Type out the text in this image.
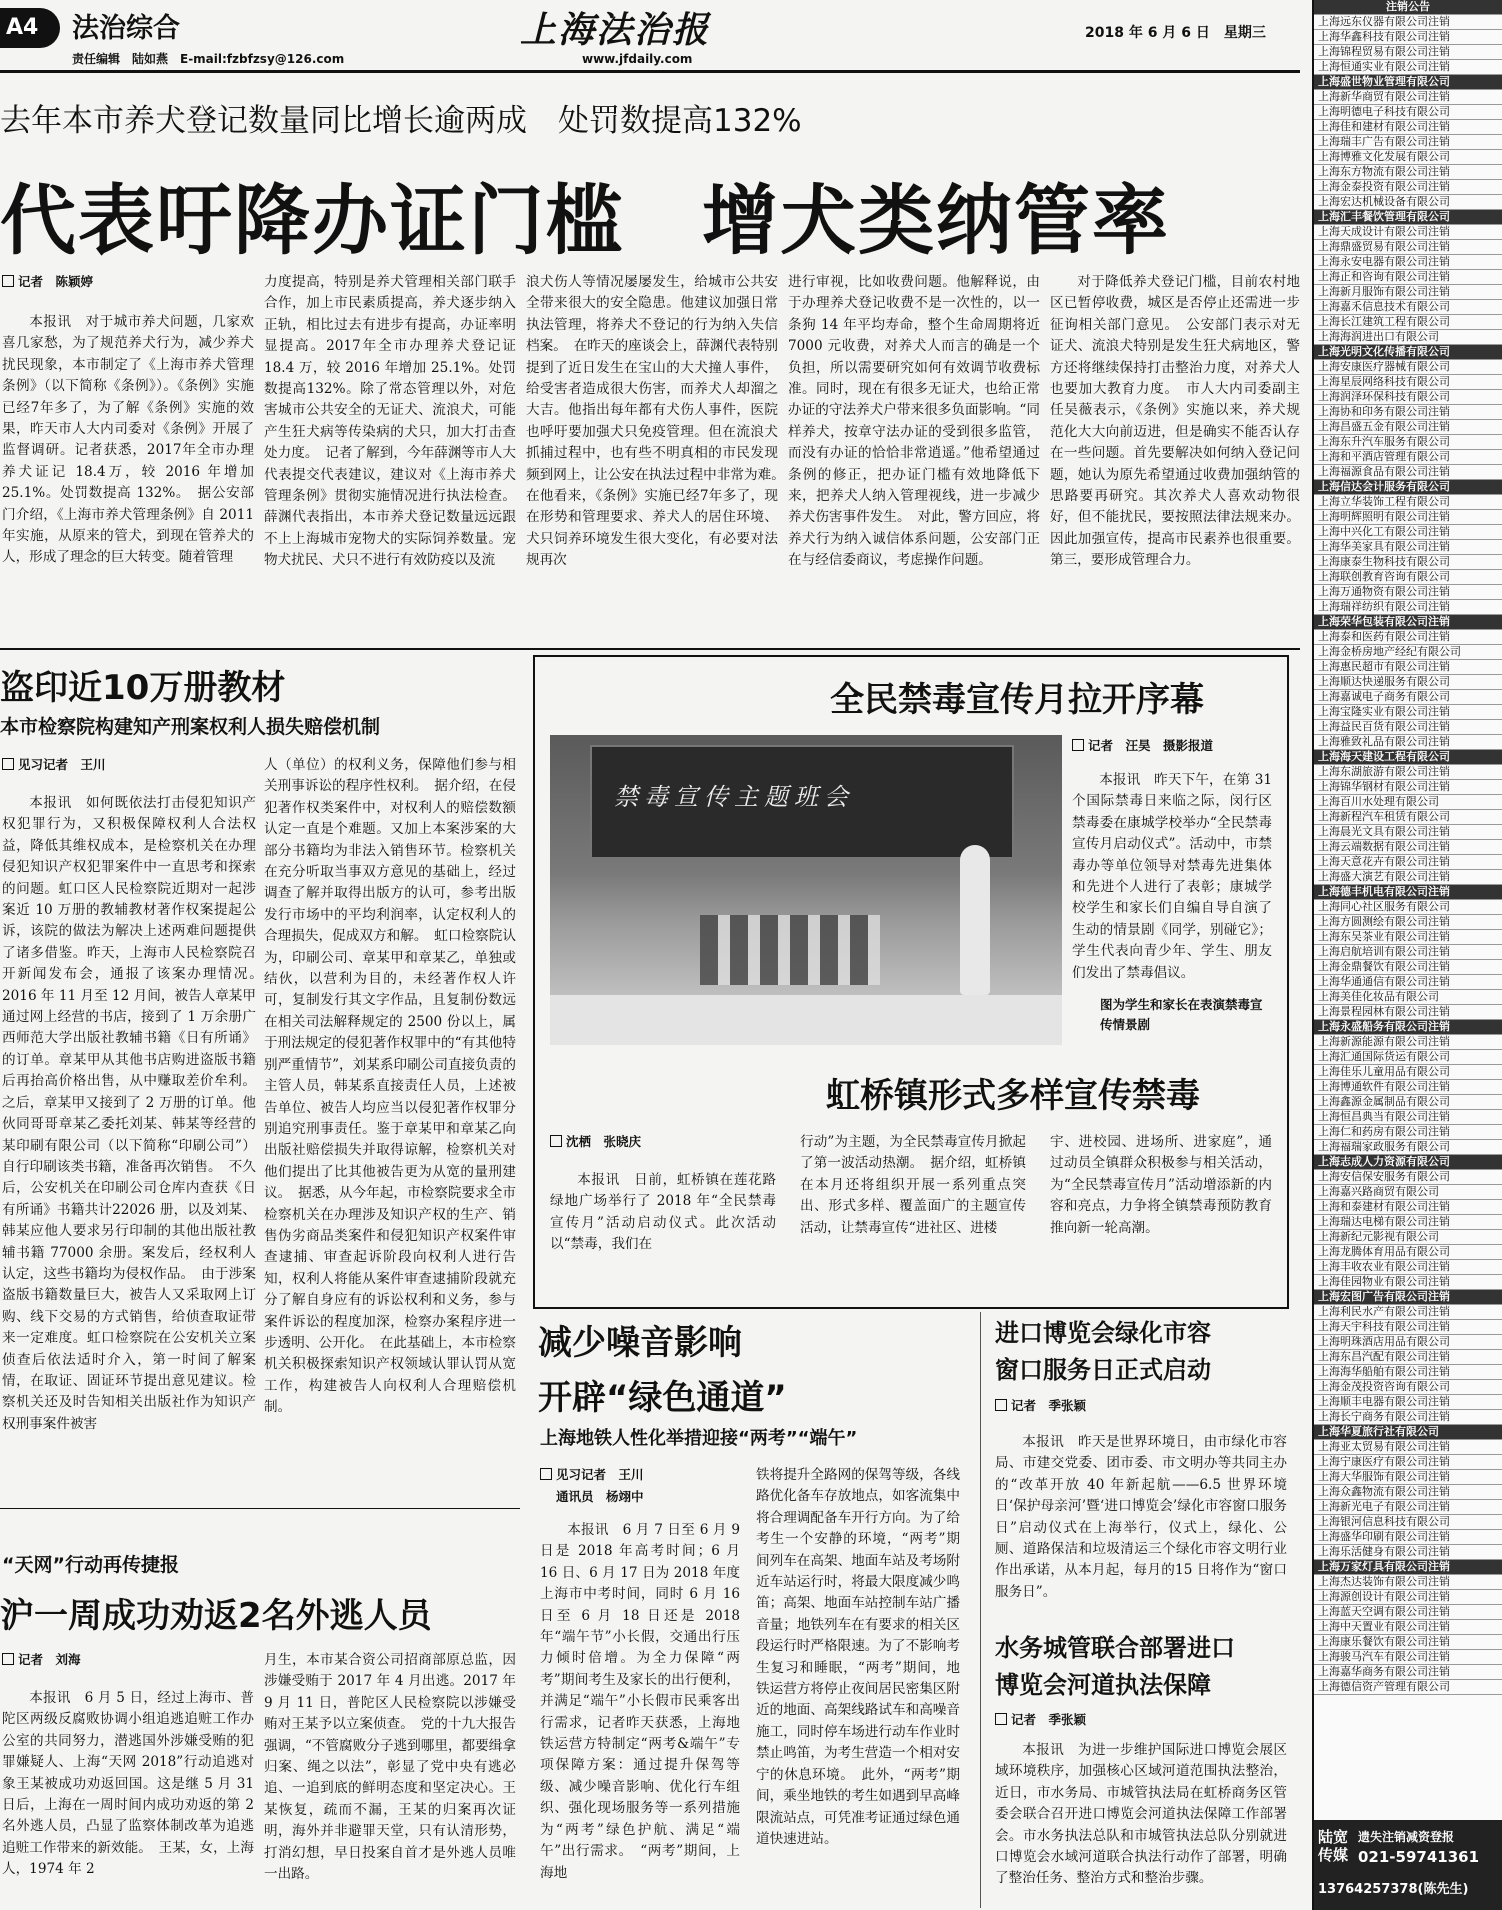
A4	法治综合
责任编辑　陆如燕　E-mail:fzbfzsy@126.com
上海法治报
www.jfdaily.com
2018 年 6 月 6 日　星期三
去年本市养犬登记数量同比增长逾两成　处罚数提高132%
代表吁降办证门槛　增犬类纳管率
记者　陈颖婷

本报讯　对于城市养犬问题，几家欢喜几家愁，为了规范养犬行为，减少养犬扰民现象，本市制定了《上海市养犬管理条例》（以下简称《条例》）。《条例》实施已经7年多了，为了解《条例》实施的效果，昨天市人大内司委对《条例》开展了监督调研。记者获悉，2017年全市办理养犬证记 18.4万，较 2016 年增加 25.1%。处罚数提高 132%。　据公安部门介绍，《上海市养犬管理条例》自 2011 年实施，从原来的管犬，到现在管养犬的人，形成了理念的巨大转变。随着管理

力度提高，特别是养犬管理相关部门联手合作，加上市民素质提高，养犬逐步纳入正轨，相比过去有进步有提高，办证率明显提高。2017年全市办理养犬登记证 18.4 万，较 2016 年增加 25.1%。处罚数提高132%。除了常态管理以外，对危害城市公共安全的无证犬、流浪犬，可能产生狂犬病等传染病的犬只，加大打击查处力度。　记者了解到，今年薛渊等市人大代表提交代表建议，建议对《上海市养犬管理条例》贯彻实施情况进行执法检查。薛渊代表指出，本市养犬登记数量远远跟不上上海城市宠物犬的实际饲养数量。宠物犬扰民、犬只不进行有效防疫以及流

浪犬伤人等情况屡屡发生，给城市公共安全带来很大的安全隐患。他建议加强日常执法管理，将养犬不登记的行为纳入失信档案。　在昨天的座谈会上，薛渊代表特别提到了近日发生在宝山的大犬撞人事件，给受害者造成很大伤害，而养犬人却溜之大吉。他指出每年都有犬伤人事件，医院也呼吁要加强犬只免疫管理。但在流浪犬抓捕过程中，也有些不明真相的市民发现频到网上，让公安在执法过程中非常为难。　在他看来，《条例》实施已经7年多了，现在形势和管理要求、养犬人的居住环境、犬只饲养环境发生很大变化，有必要对法规再次

进行审视，比如收费问题。他解释说，由于办理养犬登记收费不是一次性的，以一条狗 14 年平均寿命，整个生命周期将近 7000 元收费，对养犬人而言的确是一个负担，所以需要研究如何有效调节收费标准。同时，现在有很多无证犬，也给正常办证的守法养犬户带来很多负面影响。“同样养犬，按章守法办证的受到很多监管，而没有办证的恰恰非常逍遥。”他希望通过条例的修正，把办证门槛有效地降低下来，把养犬人纳入管理视线，进一步减少养犬伤害事件发生。　对此，警方回应，将养犬行为纳入诚信体系问题，公安部门正在与经信委商议，考虑操作问题。

对于降低养犬登记门槛，目前农村地区已暂停收费，城区是否停止还需进一步征询相关部门意见。　公安部门表示对无证犬、流浪犬特别是发生狂犬病地区，警方还将继续保持打击整治力度，对养犬人也要加大教育力度。　市人大内司委副主任吴薇表示，《条例》实施以来，养犬规范化大大向前迈进，但是确实不能否认存在一些问题。首先要解决如何纳入登记问题，她认为原先希望通过收费加强纳管的思路要再研究。其次养犬人喜欢动物很好，但不能扰民，要按照法律法规来办。因此加强宣传，提高市民素养也很重要。第三，要形成管理合力。

盗印近10万册教材
本市检察院构建知产刑案权利人损失赔偿机制
见习记者　王川

本报讯　如何既依法打击侵犯知识产权犯罪行为，又积极保障权利人合法权益，降低其维权成本，是检察机关在办理侵犯知识产权犯罪案件中一直思考和探索的问题。虹口区人民检察院近期对一起涉案近 10 万册的教辅教材著作权案提起公诉，该院的做法为解决上述两难问题提供了诸多借鉴。昨天，上海市人民检察院召开新闻发布会，通报了该案办理情况。　2016 年 11 月至 12 月间，被告人章某甲通过网上经营的书店，接到了 1 万余册广西师范大学出版社教辅书籍《日有所诵》的订单。章某甲从其他书店购进盗版书籍后再抬高价格出售，从中赚取差价牟利。之后，章某甲又接到了 2 万册的订单。他伙同哥哥章某乙委托刘某、韩某等经营的某印刷有限公司（以下简称“印刷公司”）自行印刷该类书籍，准备再次销售。　不久后，公安机关在印刷公司仓库内查获《日有所诵》书籍共计22026 册，以及刘某、韩某应他人要求另行印制的其他出版社教辅书籍 77000 余册。案发后，经权利人认定，这些书籍均为侵权作品。　由于涉案盗版书籍数量巨大，被告人又采取网上订购、线下交易的方式销售，给侦查取证带来一定难度。虹口检察院在公安机关立案侦查后依法适时介入，第一时间了解案情，在取证、固证环节提出意见建议。检察机关还及时告知相关出版社作为知识产权刑事案件被害

人（单位）的权利义务，保障他们参与相关刑事诉讼的程序性权利。　据介绍，在侵犯著作权类案件中，对权利人的赔偿数额认定一直是个难题。又加上本案涉案的大部分书籍均为非法入销售环节。检察机关在充分听取当事双方意见的基础上，经过调查了解并取得出版方的认可，参考出版发行市场中的平均利润率，认定权利人的合理损失，促成双方和解。　虹口检察院认为，印刷公司、章某甲和章某乙，单独或结伙，以营利为目的，未经著作权人许可，复制发行其文字作品，且复制份数远在相关司法解释规定的 2500 份以上，属于刑法规定的侵犯著作权罪中的“有其他特别严重情节”，刘某系印刷公司直接负责的主管人员，韩某系直接责任人员，上述被告单位、被告人均应当以侵犯著作权罪分别追究刑事责任。鉴于章某甲和章某乙向出版社赔偿损失并取得谅解，检察机关对他们提出了比其他被告更为从宽的量刑建议。　据悉，从今年起，市检察院要求全市检察机关在办理涉及知识产权的生产、销售伪劣商品类案件和侵犯知识产权案件审查逮捕、审查起诉阶段向权利人进行告知，权利人将能从案件审查逮捕阶段就充分了解自身应有的诉讼权利和义务，参与案件诉讼的程度加深，检察办案程序进一步透明、公开化。　在此基础上，本市检察机关积极探索知识产权领域认罪认罚从宽工作，构建被告人向权利人合理赔偿机制。

“天网”行动再传捷报
沪一周成功劝返2名外逃人员
记者　刘海

本报讯　6 月 5 日，经过上海市、普陀区两级反腐败协调小组追逃追赃工作办公室的共同努力，潜逃国外涉嫌受贿的犯罪嫌疑人、上海“天网 2018”行动追逃对象王某被成功劝返回国。这是继 5 月 31 日后，上海在一周时间内成功劝返的第 2 名外逃人员，凸显了监察体制改革为追逃追赃工作带来的新效能。　王某，女，上海人，1974 年 2

月生，本市某合资公司招商部原总监，因涉嫌受贿于 2017 年 4 月出逃。2017 年 9 月 11 日，普陀区人民检察院以涉嫌受贿对王某予以立案侦查。　党的十九大报告强调，“不管腐败分子逃到哪里，都要缉拿归案、绳之以法”，彰显了党中央有逃必追、一追到底的鲜明态度和坚定决心。王某恢复，疏而不漏，王某的归案再次证明，海外并非避罪天堂，只有认清形势，打消幻想，早日投案自首才是外逃人员唯一出路。

全民禁毒宣传月拉开序幕
禁毒宣传主题班会
记者　汪昊　摄影报道

本报讯　昨天下午，在第 31 个国际禁毒日来临之际，闵行区禁毒委在康城学校举办“全民禁毒宣传月启动仪式”。活动中，市禁毒办等单位领导对禁毒先进集体和先进个人进行了表彰；康城学校学生和家长们自编自导自演了生动的情景剧《同学，别碰它》；学生代表向青少年、学生、朋友们发出了禁毒倡议。

图为学生和家长在表演禁毒宣传情景剧
虹桥镇形式多样宣传禁毒
沈栖　张晓庆

本报讯　日前，虹桥镇在莲花路绿地广场举行了 2018 年“全民禁毒宣传月”活动启动仪式。此次活动以“禁毒，我们在

行动”为主题，为全民禁毒宣传月掀起了第一波活动热潮。　据介绍，虹桥镇在本月还将组织开展一系列重点突出、形式多样、覆盖面广的主题宣传活动，让禁毒宣传“进社区、进楼

宇、进校园、进场所、进家庭”，通过动员全镇群众积极参与相关活动，为“全民禁毒宣传月”活动增添新的内容和亮点，力争将全镇禁毒预防教育推向新一轮高潮。

减少噪音影响
开辟“绿色通道”
上海地铁人性化举措迎接“两考”“端午”
见习记者　王川
通讯员　杨翊中

本报讯　6 月 7 日至 6 月 9 日是 2018 年高考时间；6 月 16 日、6 月 17 日为 2018 年度上海市中考时间，同时 6 月 16 日至 6 月 18 日还是 2018 年“端午节”小长假，交通出行压力倾时倍增。为全力保障“两考”期间考生及家长的出行便利，并满足“端午”小长假市民乘客出行需求，记者昨天获悉，上海地铁运营方特制定“两考&端午”专项保障方案：通过提升保驾等级、减少噪音影响、优化行车组织、强化现场服务等一系列措施为“两考”绿色护航、满足“端午”出行需求。　“两考”期间，上海地

铁将提升全路网的保驾等级，各线路优化备车存放地点，如客流集中将合理调配备车开行方向。为了给考生一个安静的环境，“两考”期间列车在高架、地面车站及考场附近车站运行时，将最大限度减少鸣笛；高架、地面车站控制车站广播音量；地铁列车在有要求的相关区段运行时严格限速。为了不影响考生复习和睡眠，“两考”期间，地铁运营方将停止夜间居民密集区附近的地面、高架线路试车和高噪音施工，同时停车场进行动车作业时禁止鸣笛，为考生营造一个相对安宁的休息环境。　此外，“两考”期间，乘坐地铁的考生如遇到早高峰限流站点，可凭准考证通过绿色通道快速进站。

进口博览会绿化市容
窗口服务日正式启动
记者　季张颖

本报讯　昨天是世界环境日，由市绿化市容局、市建交党委、团市委、市文明办等共同主办的“改革开放 40 年新起航——6.5 世界环境日‘保护母亲河’暨‘进口博览会’绿化市容窗口服务日”启动仪式在上海举行，仪式上，绿化、公厕、道路保洁和垃圾清运三个绿化市容文明行业作出承诺，从本月起，每月的15 日将作为“窗口服务日”。

水务城管联合部署进口
博览会河道执法保障
记者　季张颖

本报讯　为进一步维护国际进口博览会展区域环境秩序，加强核心区域河道范围执法整治，近日，市水务局、市城管执法局在虹桥商务区管委会联合召开进口博览会河道执法保障工作部署会。市水务执法总队和市城管执法总队分别就进口博览会水域河道联合执法行动作了部署，明确了整治任务、整治方式和整治步骤。

注销公告
上海远东仪器有限公司注销
上海华鑫科技有限公司注销
上海锦程贸易有限公司注销
上海恒通实业有限公司注销
上海盛世物业管理有限公司
上海新华商贸有限公司注销
上海明德电子科技有限公司
上海佳和建材有限公司注销
上海瑞丰广告有限公司注销
上海博雅文化发展有限公司
上海东方物流有限公司注销
上海金泰投资有限公司注销
上海宏达机械设备有限公司
上海汇丰餐饮管理有限公司
上海天成设计有限公司注销
上海鼎盛贸易有限公司注销
上海永安电器有限公司注销
上海正和咨询有限公司注销
上海新月服饰有限公司注销
上海嘉禾信息技术有限公司
上海长江建筑工程有限公司
上海海润进出口有限公司
上海光明文化传播有限公司
上海安康医疗器械有限公司
上海星辰网络科技有限公司
上海润泽环保科技有限公司
上海协和印务有限公司注销
上海昌盛五金有限公司注销
上海东升汽车服务有限公司
上海和平酒店管理有限公司
上海福源食品有限公司注销
上海信达会计服务有限公司
上海立华装饰工程有限公司
上海明辉照明有限公司注销
上海中兴化工有限公司注销
上海华美家具有限公司注销
上海康泰生物科技有限公司
上海联创教育咨询有限公司
上海万通物资有限公司注销
上海瑞祥纺织有限公司注销
上海荣华包装有限公司注销
上海泰和医药有限公司注销
上海金桥房地产经纪有限公司
上海惠民超市有限公司注销
上海顺达快递服务有限公司
上海嘉诚电子商务有限公司
上海宝隆实业有限公司注销
上海益民百货有限公司注销
上海雅致礼品有限公司注销
上海海天建设工程有限公司
上海东湖旅游有限公司注销
上海锦华钢材有限公司注销
上海百川水处理有限公司
上海新程汽车租赁有限公司
上海晨光文具有限公司注销
上海云端数据有限公司注销
上海天意花卉有限公司注销
上海盛大演艺有限公司注销
上海德丰机电有限公司注销
上海同心社区服务有限公司
上海方圆测绘有限公司注销
上海东吴茶业有限公司注销
上海启航培训有限公司注销
上海金鼎餐饮有限公司注销
上海华通通信有限公司注销
上海美佳化妆品有限公司
上海景程园林有限公司注销
上海永盛船务有限公司注销
上海新源能源有限公司注销
上海汇通国际货运有限公司
上海佳乐儿童用品有限公司
上海博通软件有限公司注销
上海鑫源金属制品有限公司
上海恒昌典当有限公司注销
上海仁和药房有限公司注销
上海福瑞家政服务有限公司
上海志成人力资源有限公司
上海安信保安服务有限公司
上海嘉兴路商贸有限公司
上海和泰建材有限公司注销
上海瑞达电梯有限公司注销
上海新纪元影视有限公司
上海龙腾体育用品有限公司
上海丰收农业有限公司注销
上海佳园物业有限公司注销
上海宏图广告有限公司注销
上海利民水产有限公司注销
上海天宇科技有限公司注销
上海明珠酒店用品有限公司
上海东昌汽配有限公司注销
上海海华船舶有限公司注销
上海金茂投资咨询有限公司
上海顺丰电器有限公司注销
上海长宁商务有限公司注销
上海华夏旅行社有限公司
上海亚太贸易有限公司注销
上海宁康医疗有限公司注销
上海大华服饰有限公司注销
上海众鑫物流有限公司注销
上海新光电子有限公司注销
上海银河信息科技有限公司
上海盛华印刷有限公司注销
上海乐活健身有限公司注销
上海万家灯具有限公司注销
上海杰达装饰有限公司注销
上海源创设计有限公司注销
上海蓝天空调有限公司注销
上海中天置业有限公司注销
上海康乐餐饮有限公司注销
上海骏马汽车有限公司注销
上海嘉华商务有限公司注销
上海德信资产管理有限公司
陆宽传媒
遗失注销减资登报
021-59741361
13764257378(陈先生)
